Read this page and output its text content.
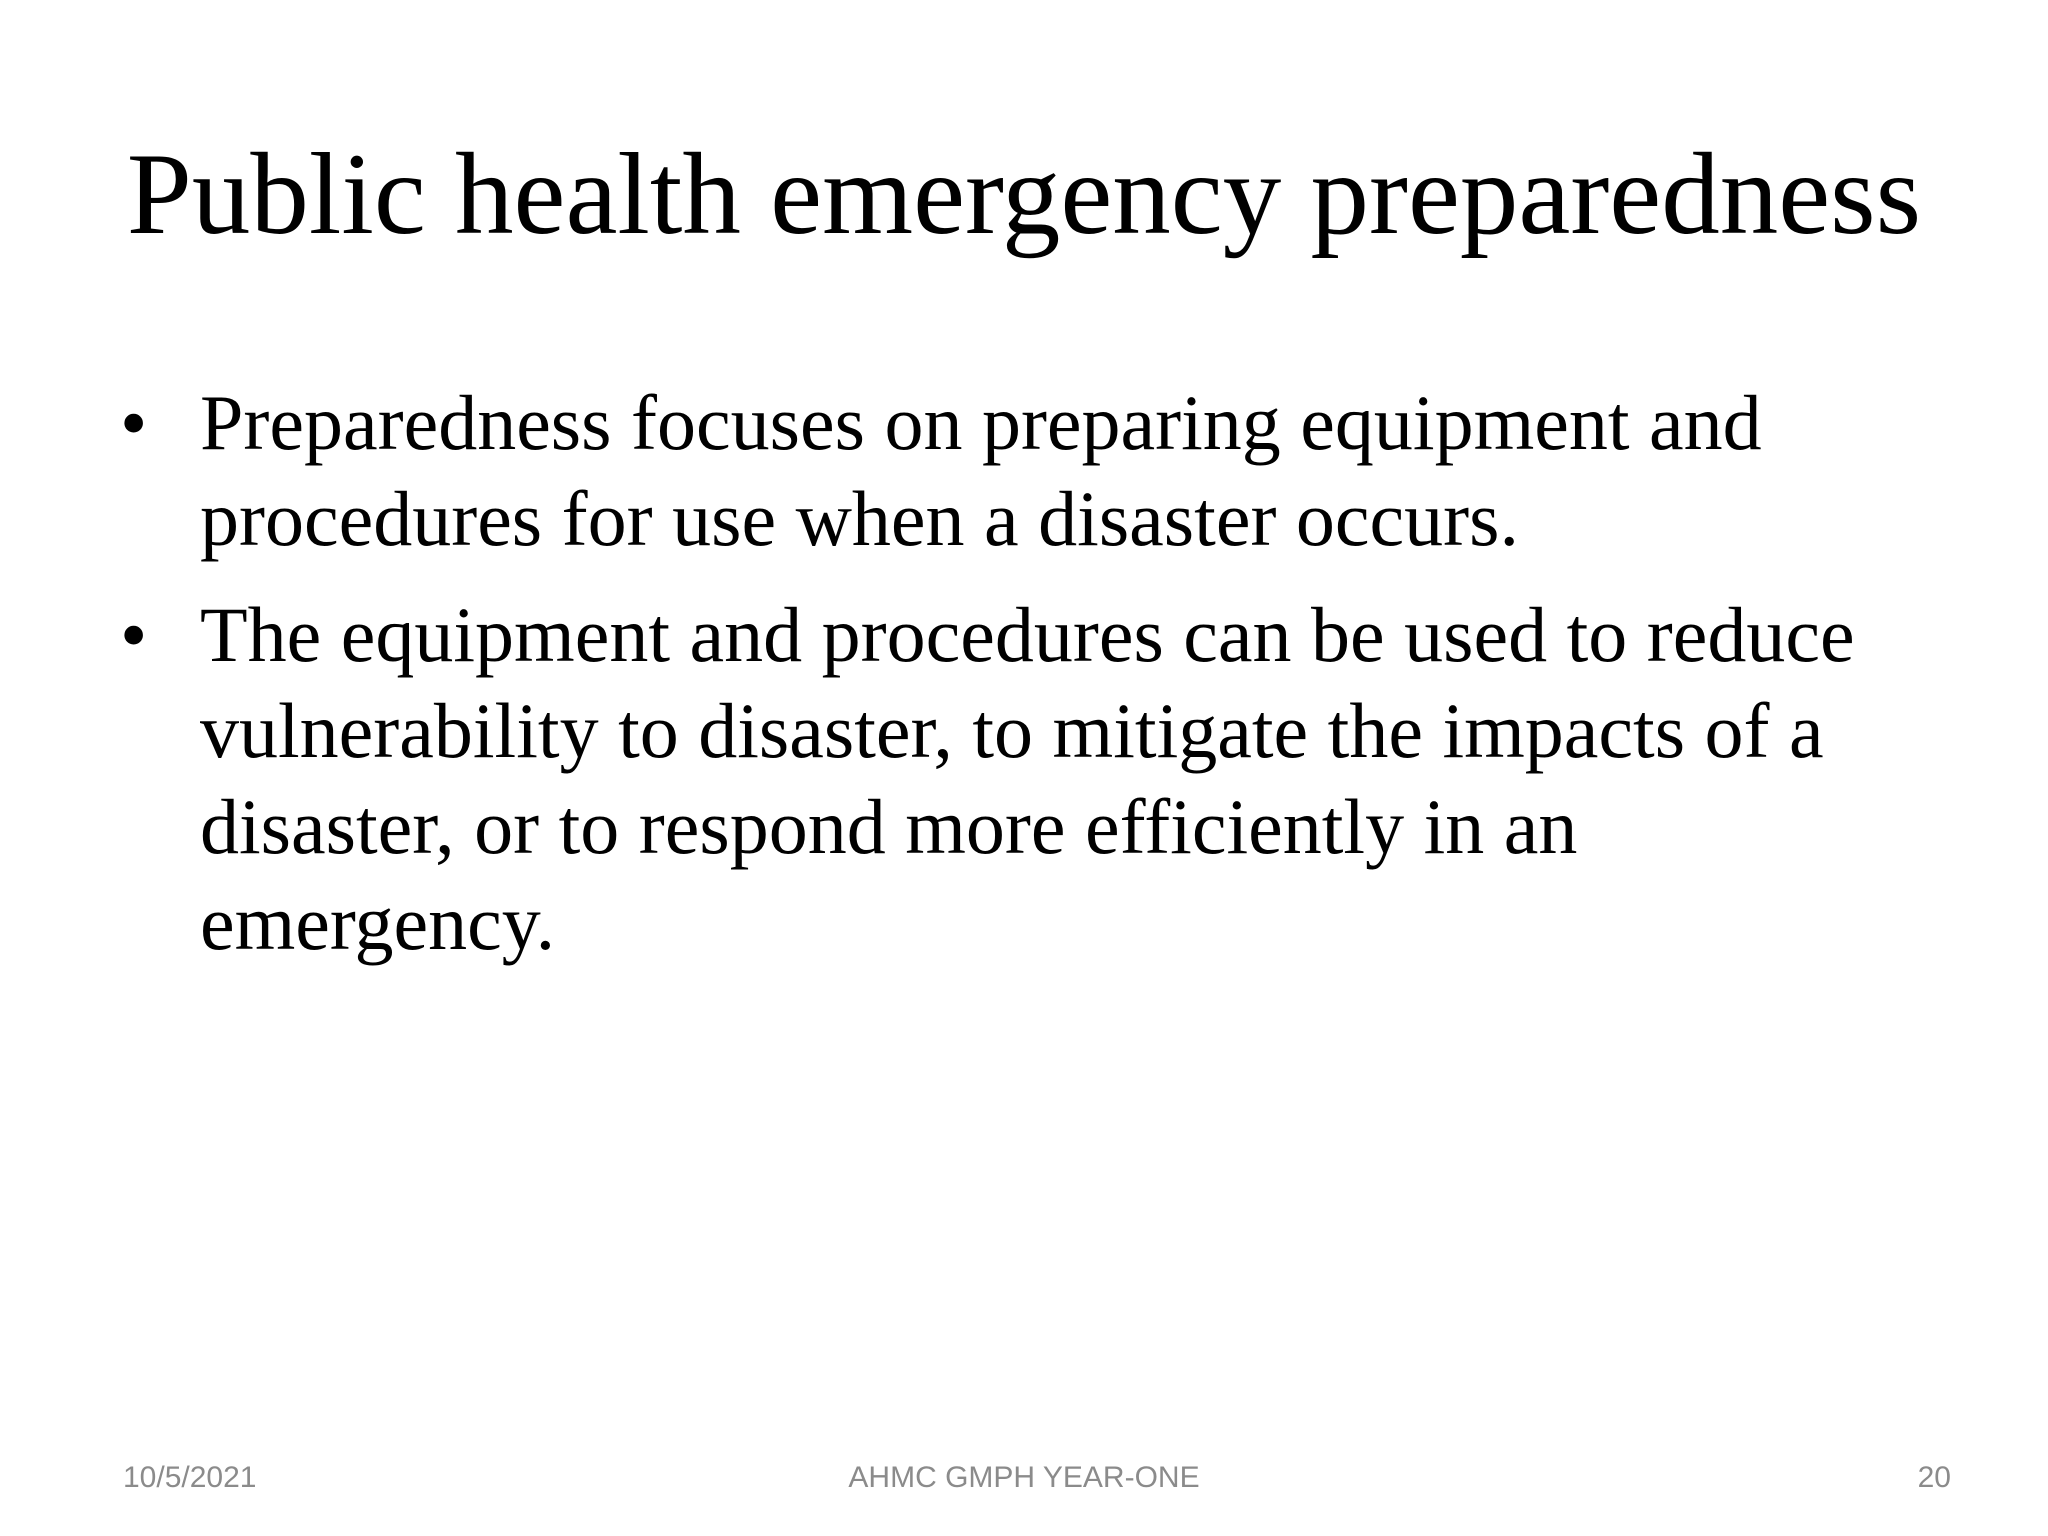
Public health emergency preparedness
• Preparedness focuses on preparing equipment and
procedures for use when a disaster occurs.
• The equipment and procedures can be used to reduce
vulnerability to disaster, to mitigate the impacts of a
disaster, or to respond more efficiently in an
emergency.
10/5/2021	AHMC GMPH YEAR-ONE	20
